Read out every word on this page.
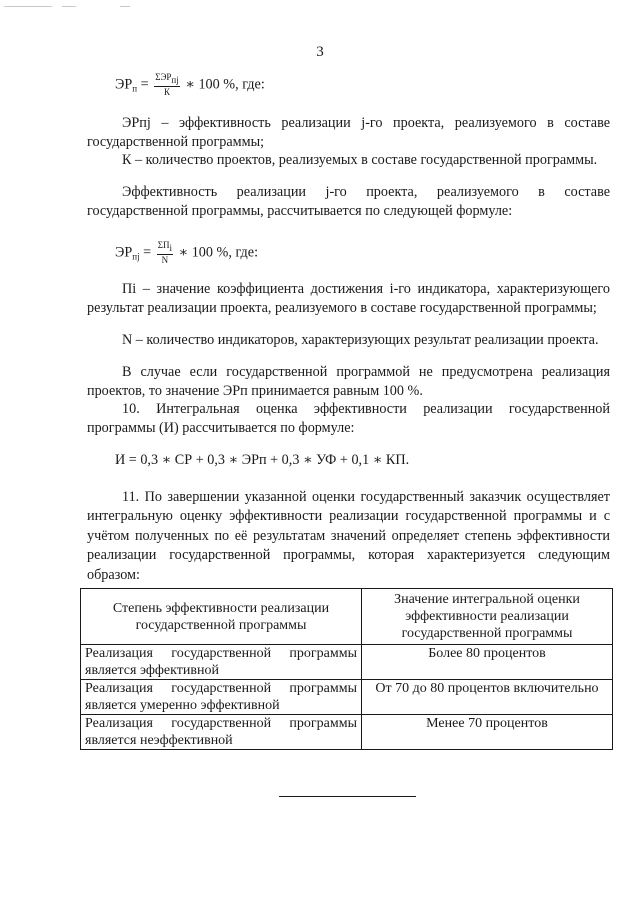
3
$ЭР_п = \frac{\text{ΣЭРпj}}{К}$ ∗ 100 %, где:

ЭРпj – эффективность реализации j-го проекта, реализуемого в составе государственной программы;

К – количество проектов, реализуемых в составе государственной программы.

Эффективность реализации j-го проекта, реализуемого в составе государственной программы, рассчитывается по следующей формуле:

$ЭР_{пj} = \frac{\text{ΣПi}}{N}$ ∗ 100 %, где:

Пi – значение коэффициента достижения i-го индикатора, характеризующего результат реализации проекта, реализуемого в составе государственной программы;

N – количество индикаторов, характеризующих результат реализации проекта.

В случае если государственной программой не предусмотрена реализация проектов, то значение ЭРп принимается равным 100 %.

10. Интегральная оценка эффективности реализации государственной программы (И) рассчитывается по формуле:

И = 0,3 ∗ СР + 0,3 ∗ ЭРп + 0,3 ∗ УФ + 0,1 ∗ КП.

11. По завершении указанной оценки государственный заказчик осуществляет интегральную оценку эффективности реализации государственной программы и с учётом полученных по её результатам значений определяет степень эффективности реализации государственной программы, которая характеризуется следующим образом:

Степень эффективности реализации государственной программы	Значение интегральной оценки эффективности реализации государственной программы
Реализация государственной программы является эффективной	Более 80 процентов
Реализация государственной программы является умеренно эффективной	От 70 до 80 процентов включительно
Реализация государственной программы является неэффективной	Менее 70 процентов
